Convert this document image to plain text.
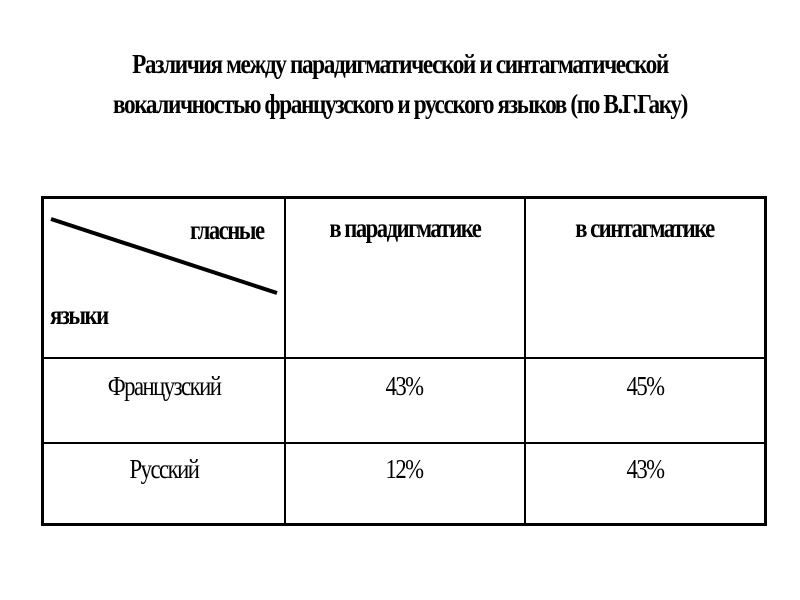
Различия между парадигматической и синтагматической
вокаличностью французского и русского языков (по В.Г.Гаку)
гласные
языки	в парадигматике	в синтагматике
Французский	43%	45%
Русский	12%	43%
